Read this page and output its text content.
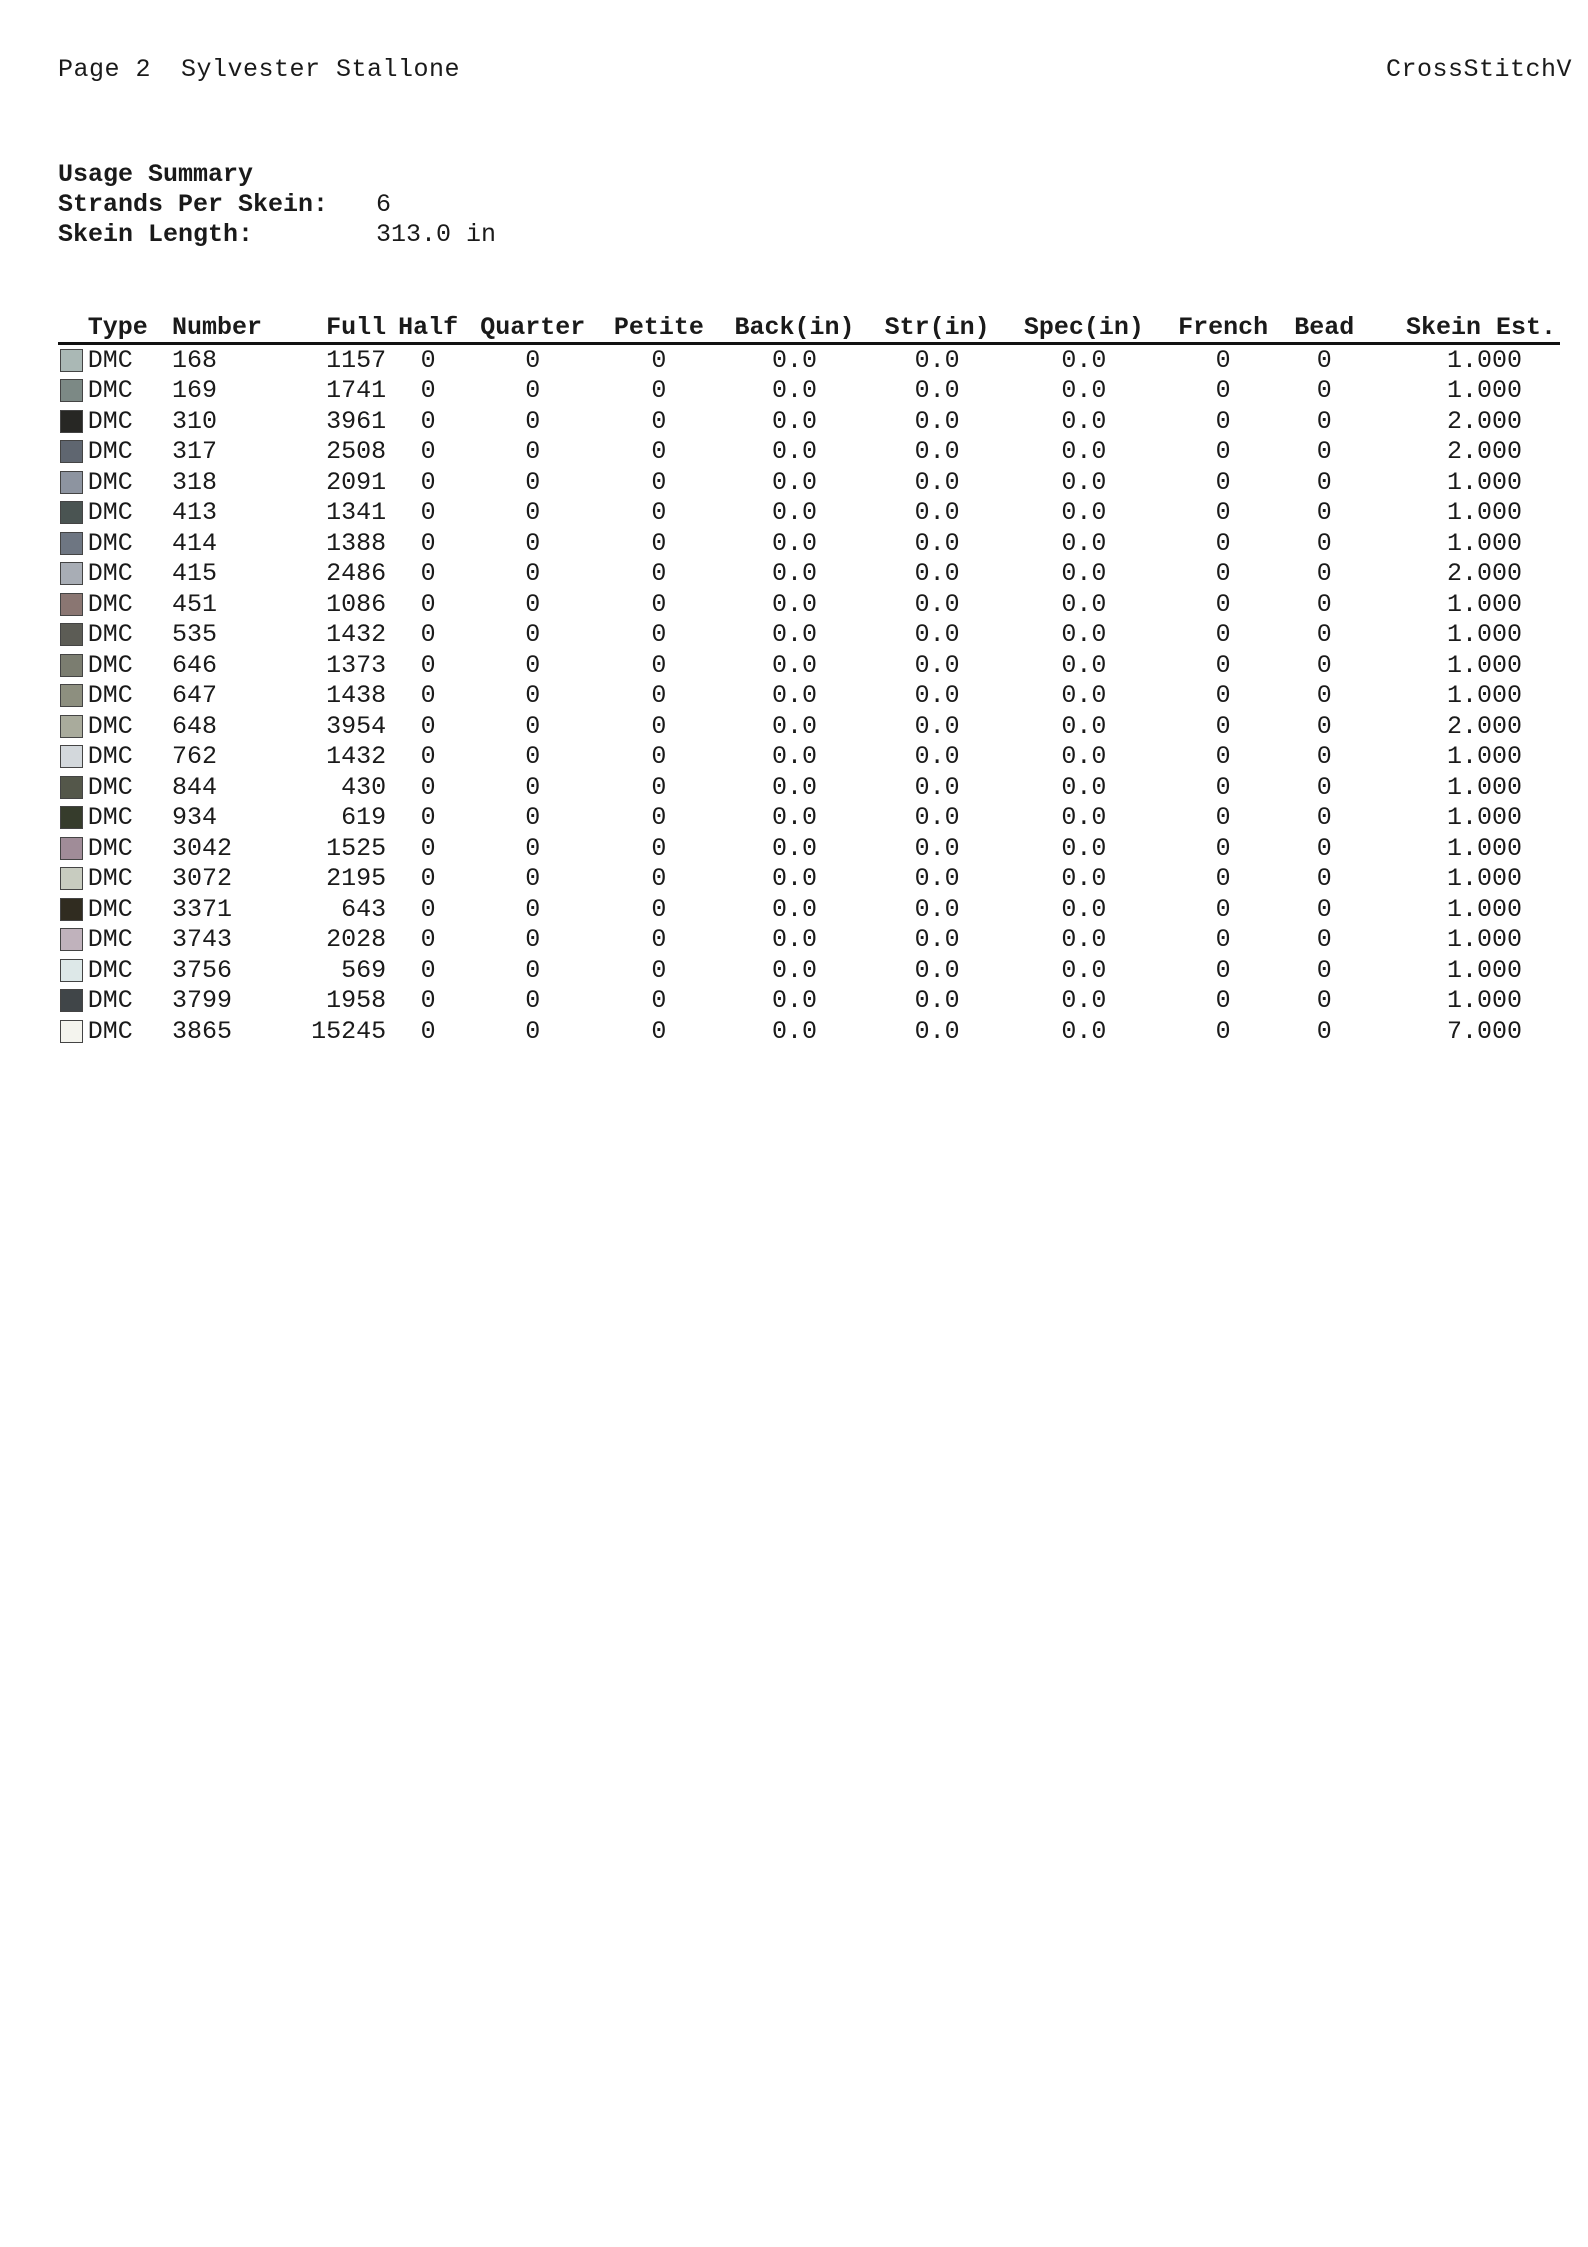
Page 2 Sylvester Stallone	CrossStitchV
Usage Summary
Strands Per Skein: 6
Skein Length:	313.0 in
	Type	Number	Full	Half	Quarter	Petite	Back(in)	Str(in)	Spec(in)	French	Bead	Skein Est.
	DMC	168	1157	0	0	0	0.0	0.0	0.0	0	0	1.000
	DMC	169	1741	0	0	0	0.0	0.0	0.0	0	0	1.000
	DMC	310	3961	0	0	0	0.0	0.0	0.0	0	0	2.000
	DMC	317	2508	0	0	0	0.0	0.0	0.0	0	0	2.000
	DMC	318	2091	0	0	0	0.0	0.0	0.0	0	0	1.000
	DMC	413	1341	0	0	0	0.0	0.0	0.0	0	0	1.000
	DMC	414	1388	0	0	0	0.0	0.0	0.0	0	0	1.000
	DMC	415	2486	0	0	0	0.0	0.0	0.0	0	0	2.000
	DMC	451	1086	0	0	0	0.0	0.0	0.0	0	0	1.000
	DMC	535	1432	0	0	0	0.0	0.0	0.0	0	0	1.000
	DMC	646	1373	0	0	0	0.0	0.0	0.0	0	0	1.000
	DMC	647	1438	0	0	0	0.0	0.0	0.0	0	0	1.000
	DMC	648	3954	0	0	0	0.0	0.0	0.0	0	0	2.000
	DMC	762	1432	0	0	0	0.0	0.0	0.0	0	0	1.000
	DMC	844	430	0	0	0	0.0	0.0	0.0	0	0	1.000
	DMC	934	619	0	0	0	0.0	0.0	0.0	0	0	1.000
	DMC	3042	1525	0	0	0	0.0	0.0	0.0	0	0	1.000
	DMC	3072	2195	0	0	0	0.0	0.0	0.0	0	0	1.000
	DMC	3371	643	0	0	0	0.0	0.0	0.0	0	0	1.000
	DMC	3743	2028	0	0	0	0.0	0.0	0.0	0	0	1.000
	DMC	3756	569	0	0	0	0.0	0.0	0.0	0	0	1.000
	DMC	3799	1958	0	0	0	0.0	0.0	0.0	0	0	1.000
	DMC	3865	15245	0	0	0	0.0	0.0	0.0	0	0	7.000
